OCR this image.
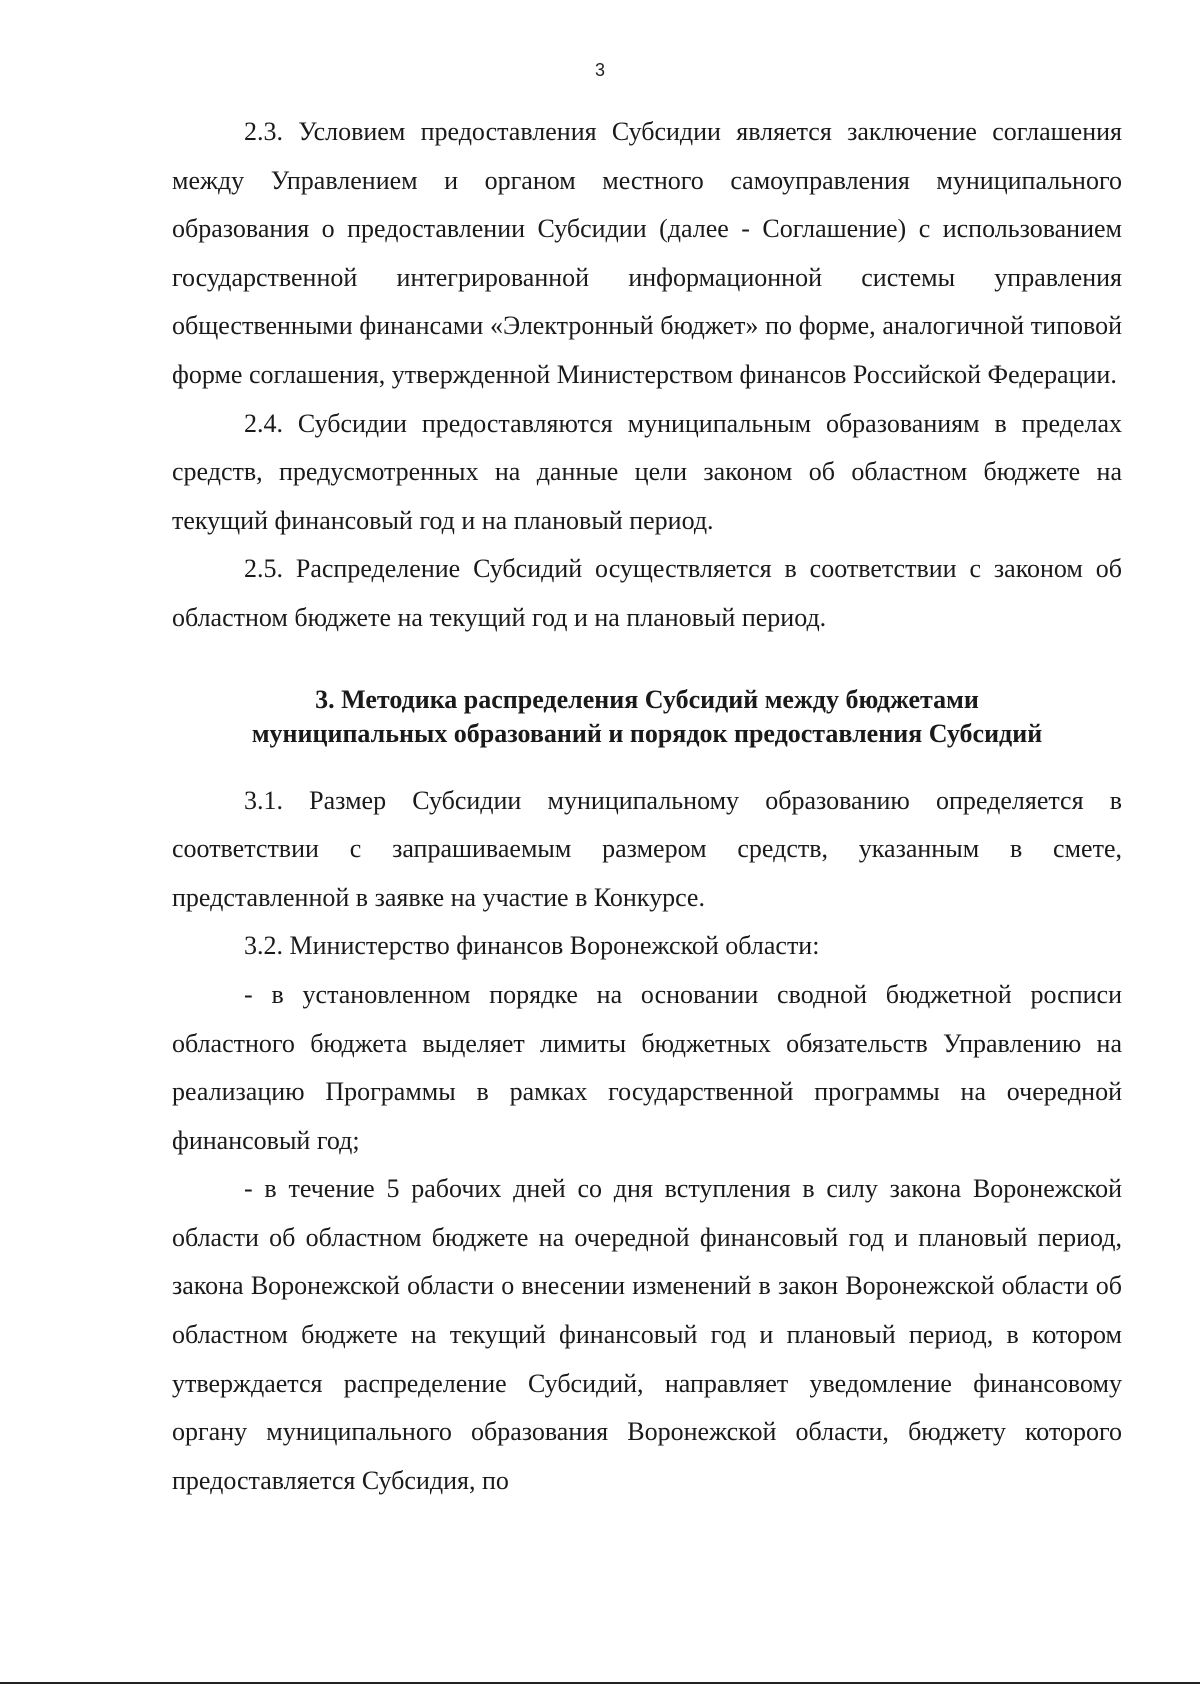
3

2.3. Условием предоставления Субсидии является заключение соглашения между Управлением и органом местного самоуправления муниципального образования о предоставлении Субсидии (далее - Соглашение) с использованием государственной интегрированной информационной системы управления общественными финансами «Электронный бюджет» по форме, аналогичной типовой форме соглашения, утвержденной Министерством финансов Российской Федерации.

2.4. Субсидии предоставляются муниципальным образованиям в пределах средств, предусмотренных на данные цели законом об областном бюджете на текущий финансовый год и на плановый период.

2.5. Распределение Субсидий осуществляется в соответствии с законом об областном бюджете на текущий год и на плановый период.

3. Методика распределения Субсидий между бюджетами
муниципальных образований и порядок предоставления Субсидий

3.1. Размер Субсидии муниципальному образованию определяется в соответствии с запрашиваемым размером средств, указанным в смете, представленной в заявке на участие в Конкурсе.

3.2. Министерство финансов Воронежской области:

- в установленном порядке на основании сводной бюджетной росписи областного бюджета выделяет лимиты бюджетных обязательств Управлению на реализацию Программы в рамках государственной программы на очередной финансовый год;

- в течение 5 рабочих дней со дня вступления в силу закона Воронежской области об областном бюджете на очередной финансовый год и плановый период, закона Воронежской области о внесении изменений в закон Воронежской области об областном бюджете на текущий финансовый год и плановый период, в котором утверждается распределение Субсидий, направляет уведомление финансовому органу муниципального образования Воронежской области, бюджету которого предоставляется Субсидия, по
